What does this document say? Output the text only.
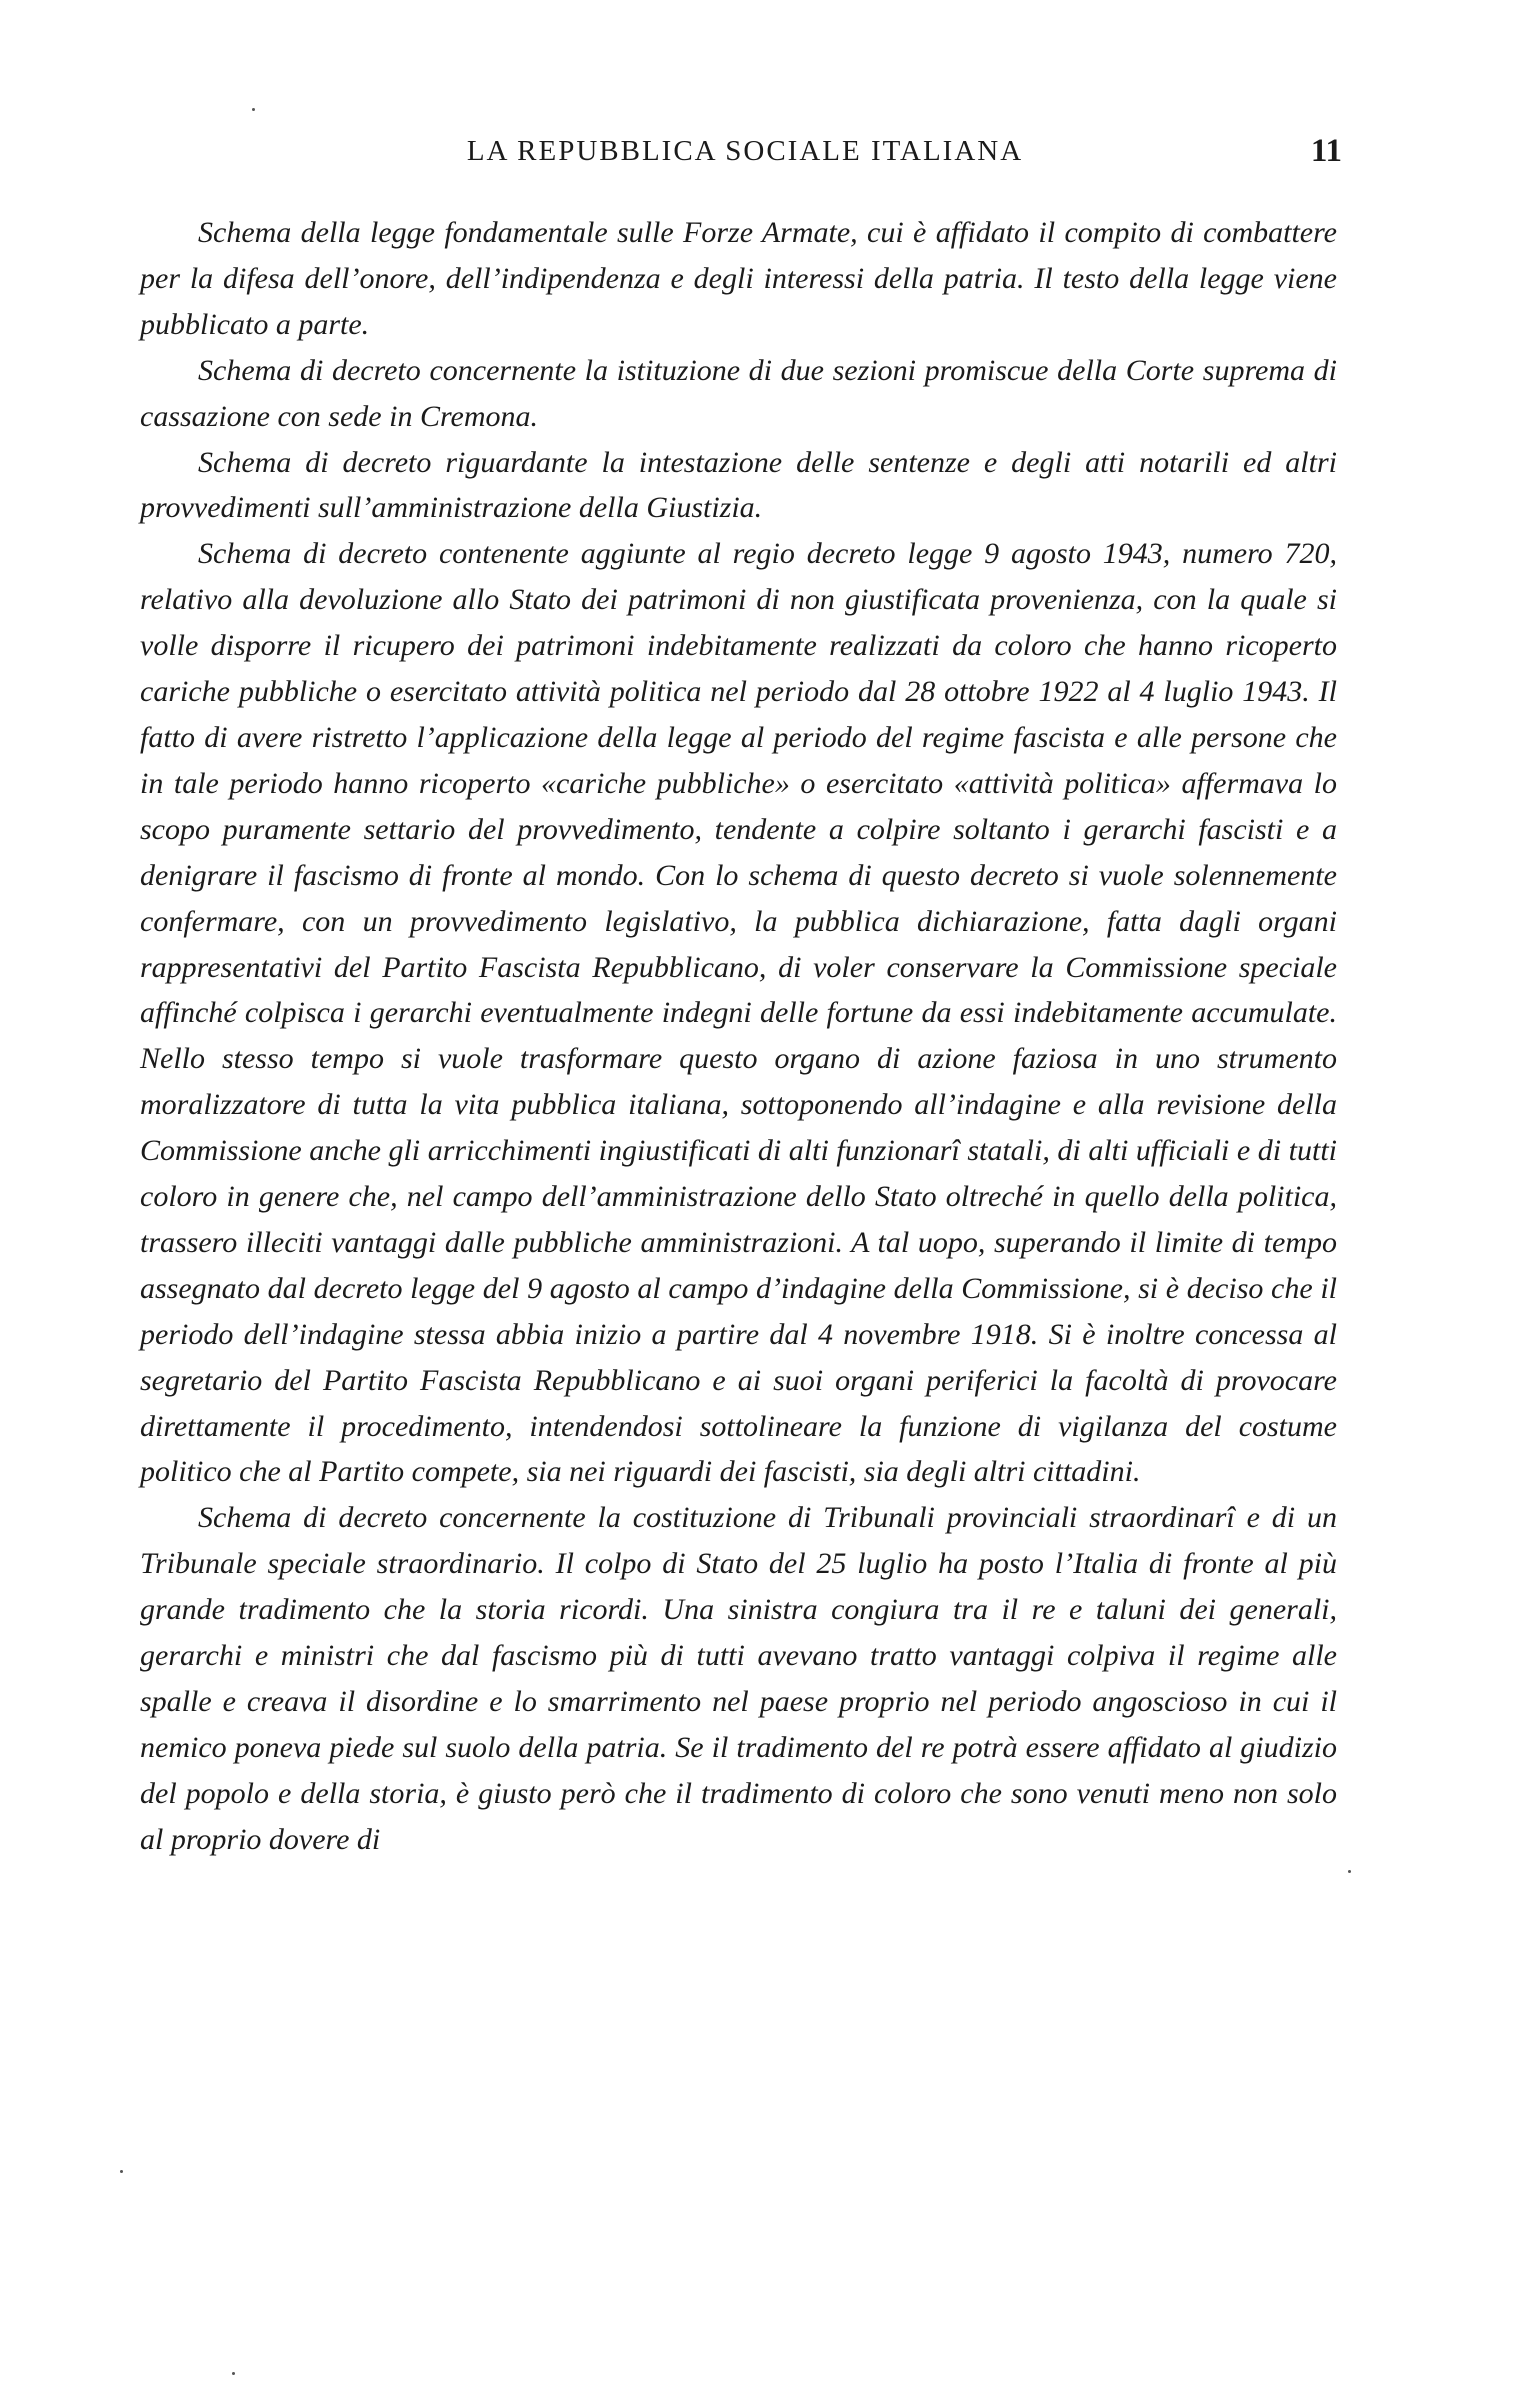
LA REPUBBLICA SOCIALE ITALIANA	11

Schema della legge fondamentale sulle Forze Armate, cui è affidato il compito di combattere per la difesa dell’onore, dell’indipendenza e degli interessi della patria. Il testo della legge viene pubblicato a parte.

Schema di decreto concernente la istituzione di due sezioni promiscue della Corte suprema di cassazione con sede in Cremona.

Schema di decreto riguardante la intestazione delle sentenze e degli atti notarili ed altri provvedimenti sull’amministrazione della Giustizia.

Schema di decreto contenente aggiunte al regio decreto legge 9 agosto 1943, numero 720, relativo alla devoluzione allo Stato dei patrimoni di non giustificata provenienza, con la quale si volle disporre il ricupero dei patrimoni indebitamente realizzati da coloro che hanno ricoperto cariche pubbliche o esercitato attività politica nel periodo dal 28 ottobre 1922 al 4 luglio 1943. Il fatto di avere ristretto l’applicazione della legge al periodo del regime fascista e alle persone che in tale periodo hanno ricoperto «cariche pubbliche» o esercitato «attività politica» affermava lo scopo puramente settario del provvedimento, tendente a colpire soltanto i gerarchi fascisti e a denigrare il fascismo di fronte al mondo. Con lo schema di questo decreto si vuole solennemente confermare, con un provvedimento legislativo, la pubblica dichiarazione, fatta dagli organi rappresentativi del Partito Fascista Repubblicano, di voler conservare la Commissione speciale affinché colpisca i gerarchi eventualmente indegni delle fortune da essi indebitamente accumulate. Nello stesso tempo si vuole trasformare questo organo di azione faziosa in uno strumento moralizzatore di tutta la vita pubblica italiana, sottoponendo all’indagine e alla revisione della Commissione anche gli arricchimenti ingiustificati di alti funzionarî statali, di alti ufficiali e di tutti coloro in genere che, nel campo dell’amministrazione dello Stato oltreché in quello della politica, trassero illeciti vantaggi dalle pubbliche amministrazioni. A tal uopo, superando il limite di tempo assegnato dal decreto legge del 9 agosto al campo d’indagine della Commissione, si è deciso che il periodo dell’indagine stessa abbia inizio a partire dal 4 novembre 1918. Si è inoltre concessa al segretario del Partito Fascista Repubblicano e ai suoi organi periferici la facoltà di provocare direttamente il procedimento, intendendosi sottolineare la funzione di vigilanza del costume politico che al Partito compete, sia nei riguardi dei fascisti, sia degli altri cittadini.

Schema di decreto concernente la costituzione di Tribunali provinciali straordinarî e di un Tribunale speciale straordinario. Il colpo di Stato del 25 luglio ha posto l’Italia di fronte al più grande tradimento che la storia ricordi. Una sinistra congiura tra il re e taluni dei generali, gerarchi e ministri che dal fascismo più di tutti avevano tratto vantaggi colpiva il regime alle spalle e creava il disordine e lo smarrimento nel paese proprio nel periodo angoscioso in cui il nemico poneva piede sul suolo della patria. Se il tradimento del re potrà essere affidato al giudizio del popolo e della storia, è giusto però che il tradimento di coloro che sono venuti meno non solo al proprio dovere di
